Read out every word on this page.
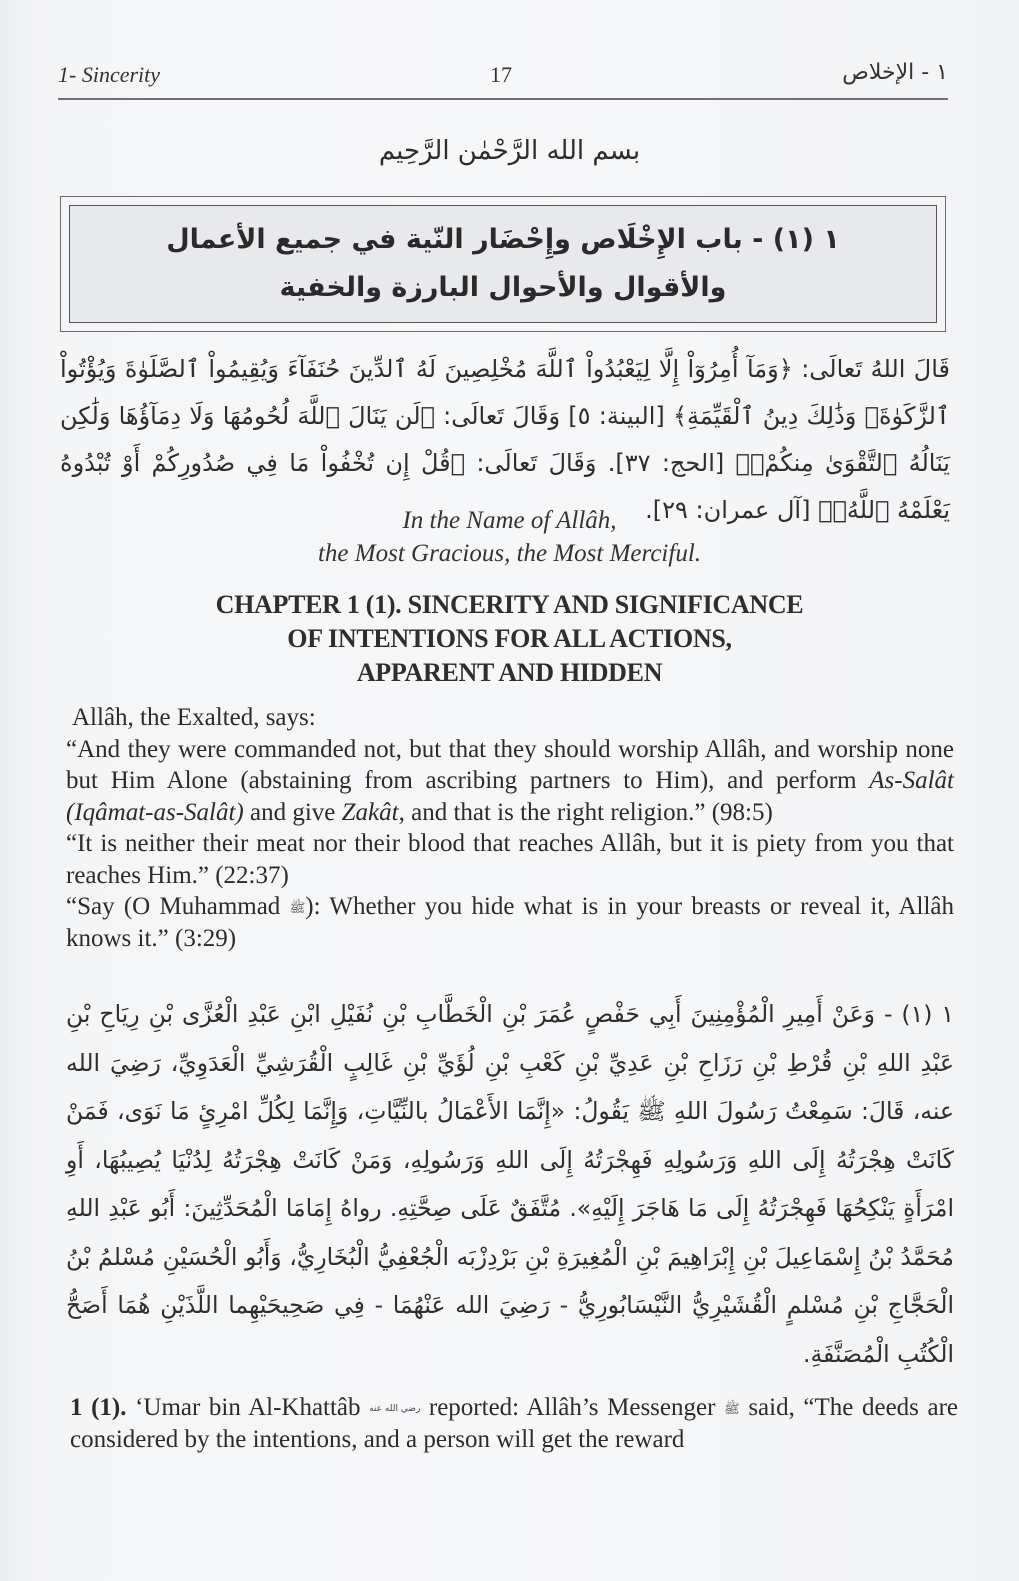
1- Sincerity	17	١ - الإخلاص
بسم الله الرَّحْمٰن الرَّحِيم
١ (١) - باب الإِخْلَاص وإِحْضَار النّية في جميع الأعمال
والأقوال والأحوال البارزة والخفية
قَالَ اللهُ تَعالَى: ﴿وَمَآ أُمِرُوٓاْ إِلَّا لِيَعْبُدُواْ ٱللَّهَ مُخْلِصِينَ لَهُ ٱلدِّينَ حُنَفَآءَ وَيُقِيمُواْ ٱلصَّلَوٰةَ وَيُؤْتُواْ ٱلزَّكَوٰةَۚ وَذَٰلِكَ دِينُ ٱلْقَيِّمَةِ﴾ [البينة: ٥] وَقَالَ تَعالَى: ﴿لَن يَنَالَ ٱللَّهَ لُحُومُهَا وَلَا دِمَآؤُهَا وَلَٰكِن يَنَالُهُ ٱلتَّقْوَىٰ مِنكُمْۚ﴾ [الحج: ٣٧]. وَقَالَ تَعالَى: ﴿قُلْ إِن تُخْفُواْ مَا فِي صُدُورِكُمْ أَوْ تُبْدُوهُ يَعْلَمْهُ ٱللَّهُۗ﴾ [آل عمران: ٢٩].
In the Name of Allâh,
the Most Gracious, the Most Merciful.
CHAPTER 1 (1). SINCERITY AND SIGNIFICANCE
OF INTENTIONS FOR ALL ACTIONS,
APPARENT AND HIDDEN

Allâh, the Exalted, says:

“And they were commanded not, but that they should worship Allâh, and worship none but Him Alone (abstaining from ascribing partners to Him), and perform As-Salât (Iqâmat-as-Salât) and give Zakât, and that is the right religion.” (98:5)

“It is neither their meat nor their blood that reaches Allâh, but it is piety from you that reaches Him.” (22:37)

“Say (O Muhammad ﷺ): Whether you hide what is in your breasts or reveal it, Allâh knows it.” (3:29)

١ (١) - وَعَنْ أَمِيرِ الْمُؤْمِنِينَ أَبِي حَفْصٍ عُمَرَ بْنِ الْخَطَّابِ بْنِ نُفَيْلِ ابْنِ عَبْدِ الْعُزَّى بْنِ رِيَاحِ بْنِ عَبْدِ اللهِ بْنِ قُرْطِ بْنِ رَزَاحِ بْنِ عَدِيِّ بْنِ كَعْبِ بْنِ لُؤَيِّ بْنِ غَالِبٍ الْقُرَشِيِّ الْعَدَوِيِّ، رَضِيَ الله عنه، قَالَ: سَمِعْتُ رَسُولَ اللهِ ﷺ يَقُولُ: «إِنَّمَا الأَعْمَالُ بالنِّيَّاتِ، وَإِنَّمَا لِكُلِّ امْرِئٍ مَا نَوَى، فَمَنْ كَانَتْ هِجْرَتُهُ إِلَى اللهِ وَرَسُولِهِ فَهِجْرَتُهُ إِلَى اللهِ وَرَسُولِهِ، وَمَنْ كَانَتْ هِجْرَتُهُ لِدُنْيَا يُصِيبُهَا، أَوِ امْرَأَةٍ يَنْكِحُهَا فَهِجْرَتُهُ إِلَى مَا هَاجَرَ إِلَيْهِ». مُتَّفَقٌ عَلَى صِحَّتِهِ. رواهُ إِمَامَا الْمُحَدِّثِينَ: أَبُو عَبْدِ اللهِ مُحَمَّدُ بْنُ إِسْمَاعِيلَ بْنِ إِبْرَاهِيمَ بْنِ الْمُغِيرَةِ بْنِ بَرْدِزْبَه الْجُعْفِيُّ الْبُخَارِيُّ، وَأَبُو الْحُسَيْنِ مُسْلمُ بْنُ الْحَجَّاجِ بْنِ مُسْلمٍ الْقُشَيْرِيُّ النَّيْسَابُورِيُّ - رَضِيَ الله عَنْهُمَا - فِي صَحِيحَيْهِما اللَّذَيْنِ هُمَا أَصَحُّ الْكُتُبِ الْمُصَنَّفَةِ.
1 (1). ‘Umar bin Al-Khattâb رضي الله عنه reported: Allâh’s Messenger ﷺ said, “The deeds are considered by the intentions, and a person will get the reward
